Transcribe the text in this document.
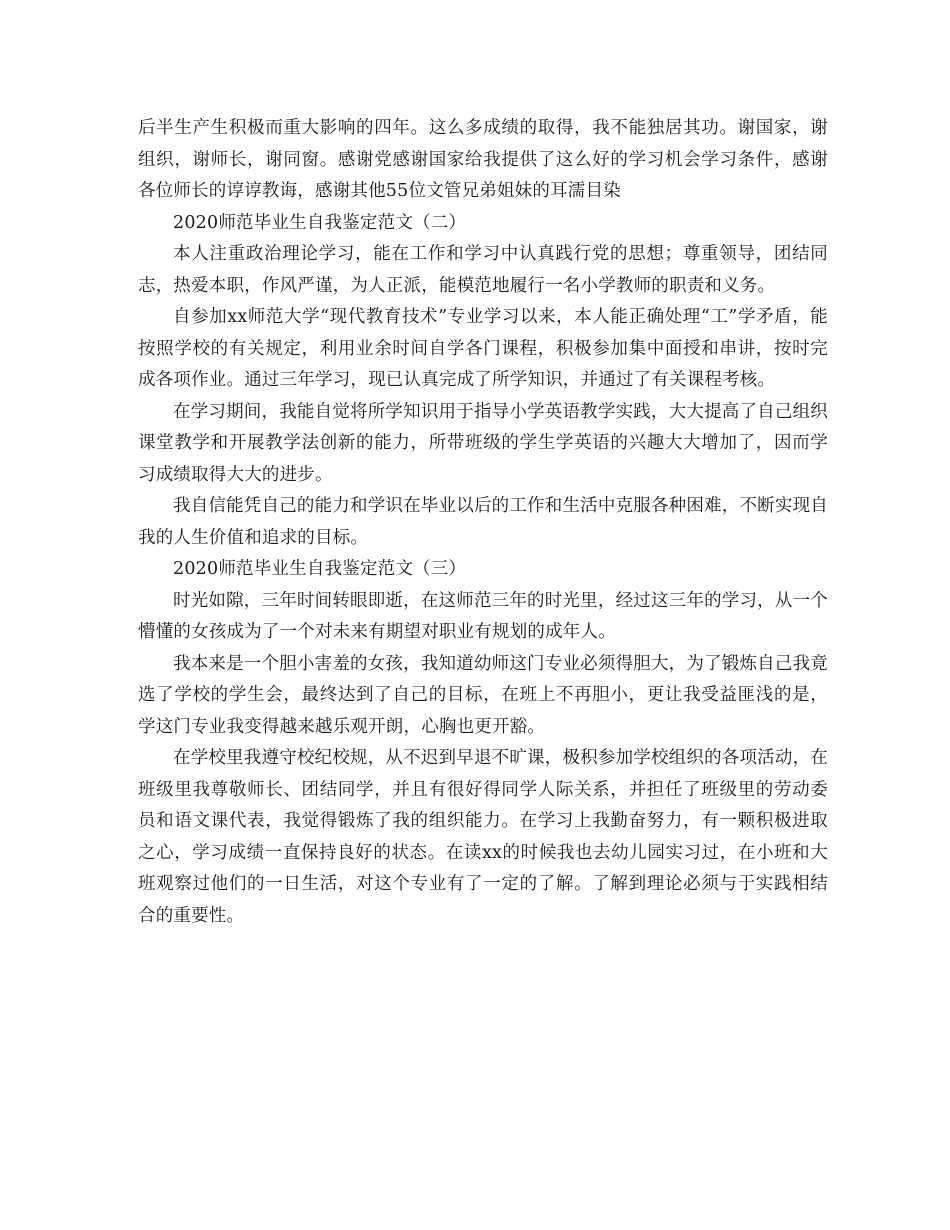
后半生产生积极而重大影响的四年。这么多成绩的取得，我不能独居其功。谢国家，谢组织，谢师长，谢同窗。感谢党感谢国家给我提供了这么好的学习机会学习条件，感谢各位师长的谆谆教诲，感谢其他55位文管兄弟姐妹的耳濡目染

2020师范毕业生自我鉴定范文（二）

本人注重政治理论学习，能在工作和学习中认真践行党的思想；尊重领导，团结同志，热爱本职，作风严谨，为人正派，能模范地履行一名小学教师的职责和义务。

自参加xx师范大学“现代教育技术”专业学习以来，本人能正确处理“工”学矛盾，能按照学校的有关规定，利用业余时间自学各门课程，积极参加集中面授和串讲，按时完成各项作业。通过三年学习，现已认真完成了所学知识，并通过了有关课程考核。

在学习期间，我能自觉将所学知识用于指导小学英语教学实践，大大提高了自己组织课堂教学和开展教学法创新的能力，所带班级的学生学英语的兴趣大大增加了，因而学习成绩取得大大的进步。

我自信能凭自己的能力和学识在毕业以后的工作和生活中克服各种困难，不断实现自我的人生价值和追求的目标。

2020师范毕业生自我鉴定范文（三）

时光如隙，三年时间转眼即逝，在这师范三年的时光里，经过这三年的学习，从一个懵懂的女孩成为了一个对未来有期望对职业有规划的成年人。

我本来是一个胆小害羞的女孩，我知道幼师这门专业必须得胆大，为了锻炼自己我竟选了学校的学生会，最终达到了自己的目标，在班上不再胆小，更让我受益匪浅的是，学这门专业我变得越来越乐观开朗，心胸也更开豁。

在学校里我遵守校纪校规，从不迟到早退不旷课，极积参加学校组织的各项活动，在班级里我尊敬师长、团结同学，并且有很好得同学人际关系，并担任了班级里的劳动委员和语文课代表，我觉得锻炼了我的组织能力。在学习上我勤奋努力，有一颗积极进取之心，学习成绩一直保持良好的状态。在读xx的时候我也去幼儿园实习过，在小班和大班观察过他们的一日生活，对这个专业有了一定的了解。了解到理论必须与于实践相结合的重要性。
